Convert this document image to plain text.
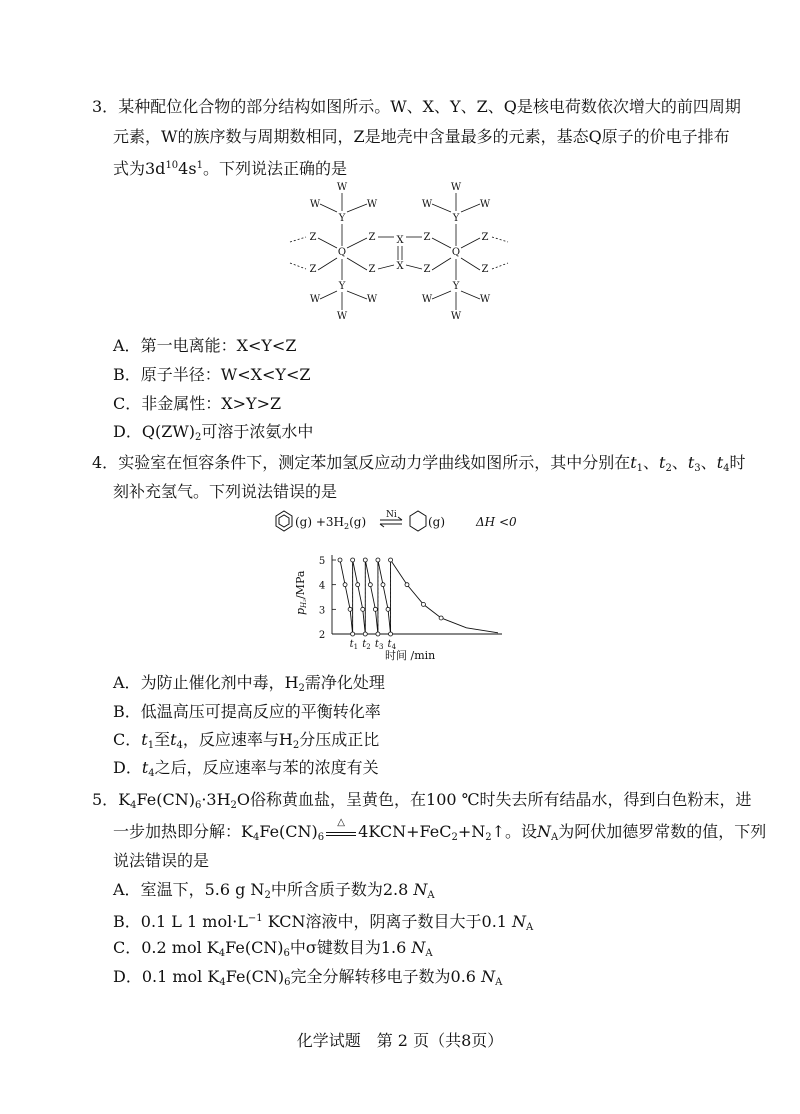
3．某种配位化合物的部分结构如图所示。W、X、Y、Z、Q是核电荷数依次增大的前四周期
元素，W的族序数与周期数相同，Z是地壳中含量最多的元素，基态Q原子的价电子排布
式为$3d^{10}4s^1$。下列说法正确的是
W
W	W
Y
Z	Z
Q
Z	Z
Y
W	W
W
X
X
W
W	W
Y
Z	Z
Q
Z	Z
Y
W	W
W
A．第一电离能：X<Y<Z
B．原子半径：W<X<Y<Z
C．非金属性：X>Y>Z
D．$Q(ZW)_2$可溶于浓氨水中
4．实验室在恒容条件下，测定苯加氢反应动力学曲线如图所示，其中分别在$t_1$、$t_2$、$t_3$、$t_4$时
刻补充氢气。下列说法错误的是
$(g) +3H_2(g)$ Ni	(g)	ΔH <0
2
3
4
5
$t_1$ $t_2$ $t_3$ $t_4$
pH₂/MPa
时间 /min
A．为防止催化剂中毒，$H_2$需净化处理
B．低温高压可提高反应的平衡转化率
C．$t_1$至$t_4$，反应速率与$H_2$分压成正比
D．$t_4$之后，反应速率与苯的浓度有关
5．$K_4Fe(CN)_6\cdot 3H_2O$俗称黄血盐，呈黄色，在100 ℃时失去所有结晶水，得到白色粉末，进
一步加热即分解：$K_4Fe(CN)_6$
△ $4KCN+FeC_2+N_2↑$。设$N_A$为阿伏加德罗常数的值，下列
说法错误的是
A．室温下，5.6 g $N_2$中所含质子数为2.8 $N_A$
B．0.1 L 1 $mol\cdot L^{-1}$ KCN溶液中，阴离子数目大于0.1 $N_A$
C．0.2 mol $K_4Fe(CN)_6$中σ键数目为1.6 $N_A$
D．0.1 mol $K_4Fe(CN)_6$完全分解转移电子数为0.6 $N_A$
化学试题　第 2 页（共8页）
